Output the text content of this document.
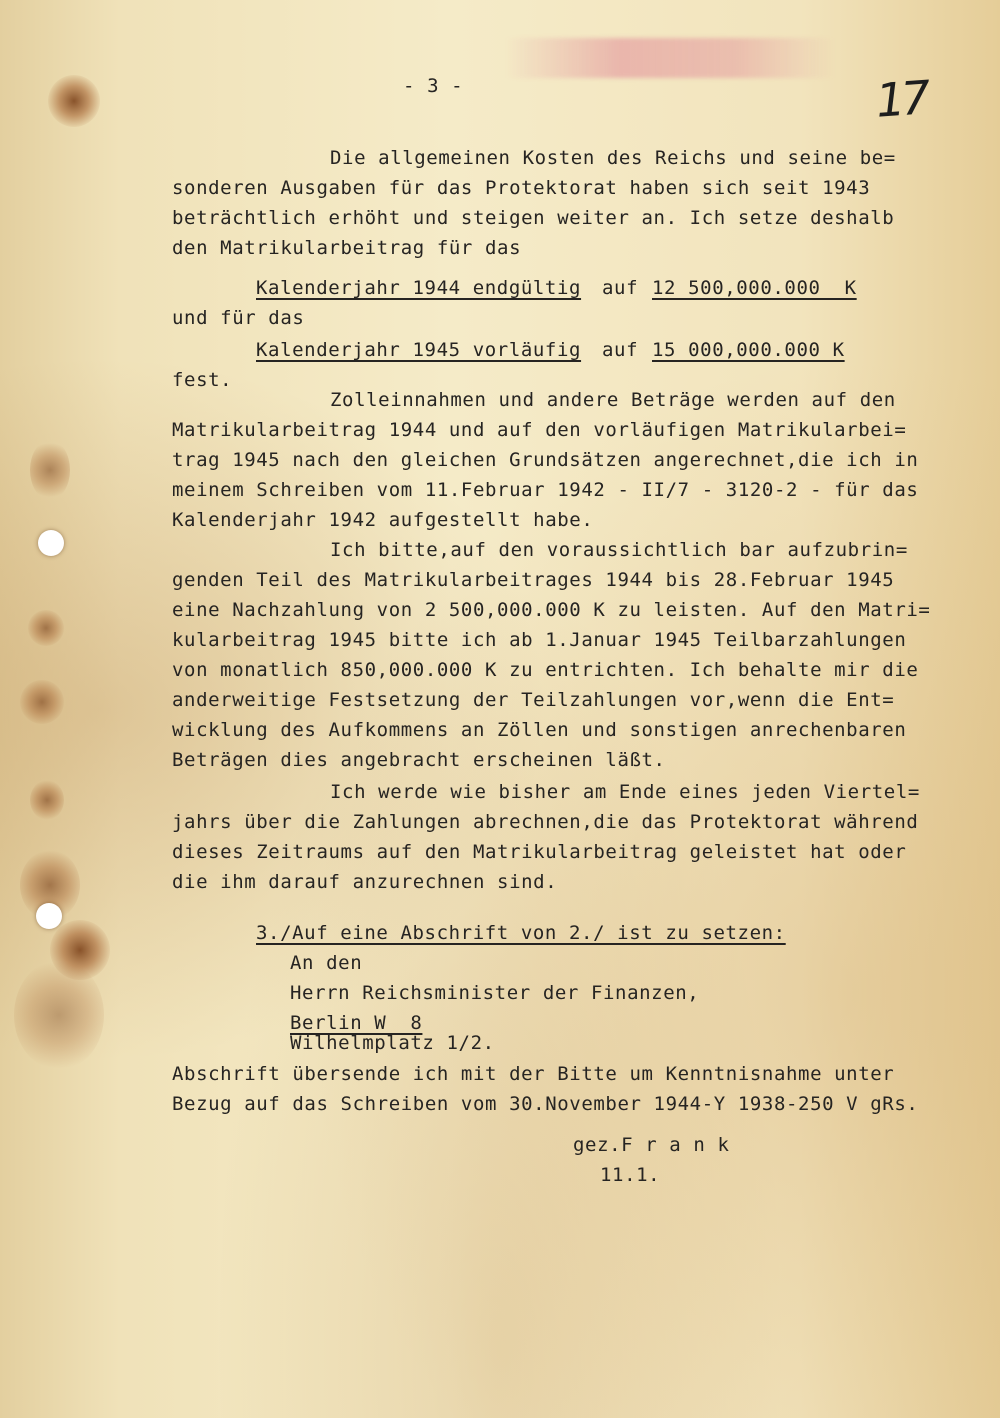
- 3 -	17
Die allgemeinen Kosten des Reichs und seine be=
sonderen Ausgaben für das Protektorat haben sich seit 1943
beträchtlich erhöht und steigen weiter an. Ich setze deshalb
den Matrikularbeitrag für das
Kalenderjahr 1944 endgültig auf 12 500,000.000  K
und für das
Kalenderjahr 1945 vorläufig auf 15 000,000.000 K
fest.
Zolleinnahmen und andere Beträge werden auf den
Matrikularbeitrag 1944 und auf den vorläufigen Matrikularbei=
trag 1945 nach den gleichen Grundsätzen angerechnet,die ich in
meinem Schreiben vom 11.Februar 1942 - II/7 - 3120-2 - für das
Kalenderjahr 1942 aufgestellt habe.
Ich bitte,auf den voraussichtlich bar aufzubrin=
genden Teil des Matrikularbeitrages 1944 bis 28.Februar 1945
eine Nachzahlung von 2 500,000.000 K zu leisten. Auf den Matri=
kularbeitrag 1945 bitte ich ab 1.Januar 1945 Teilbarzahlungen
von monatlich 850,000.000 K zu entrichten. Ich behalte mir die
anderweitige Festsetzung der Teilzahlungen vor,wenn die Ent=
wicklung des Aufkommens an Zöllen und sonstigen anrechenbaren
Beträgen dies angebracht erscheinen läßt.
Ich werde wie bisher am Ende eines jeden Viertel=
jahrs über die Zahlungen abrechnen,die das Protektorat während
dieses Zeitraums auf den Matrikularbeitrag geleistet hat oder
die ihm darauf anzurechnen sind.
3./Auf eine Abschrift von 2./ ist zu setzen:
An den
Herrn Reichsminister der Finanzen,
Berlin W  8
Wilhelmplatz 1/2.
Abschrift übersende ich mit der Bitte um Kenntnisnahme unter
Bezug auf das Schreiben vom 30.November 1944-Y 1938-250 V gRs.
gez.F r a n k
11.1.
